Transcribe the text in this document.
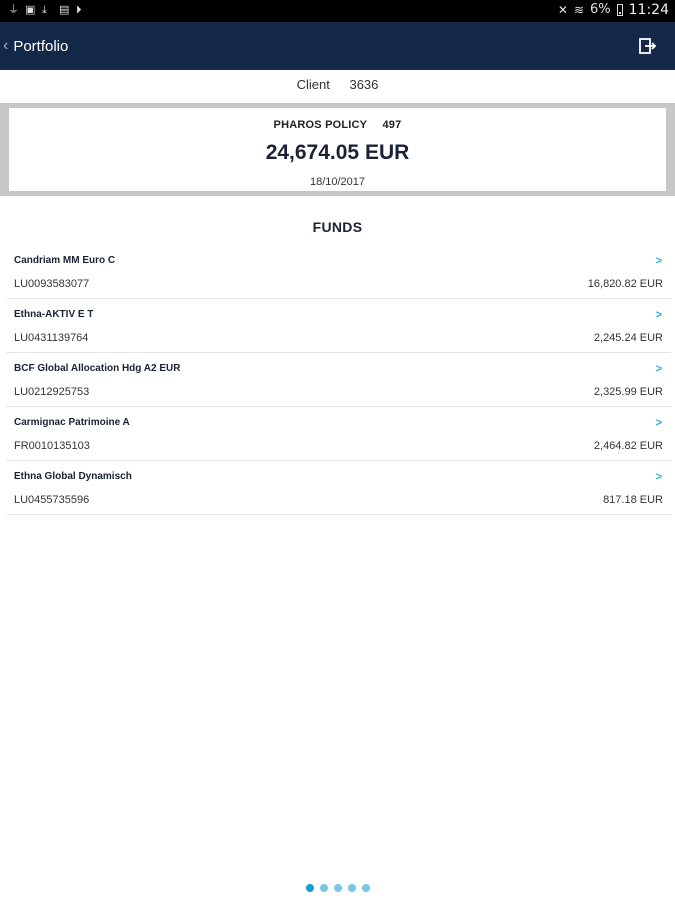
⏚ ▣ ⤓	▤ ⏵	✕ ≋ 6% 11:24
‹ Portfolio
Client 3636
PHAROS POLICY 497
24,674.05 EUR
18/10/2017
FUNDS
Candriam MM Euro C	>
LU0093583077	16,820.82 EUR
Ethna-AKTIV E T	>
LU0431139764	2,245.24 EUR
BCF Global Allocation Hdg A2 EUR	>
LU0212925753	2,325.99 EUR
Carmignac Patrimoine A	>
FR0010135103	2,464.82 EUR
Ethna Global Dynamisch	>
LU0455735596	817.18 EUR
